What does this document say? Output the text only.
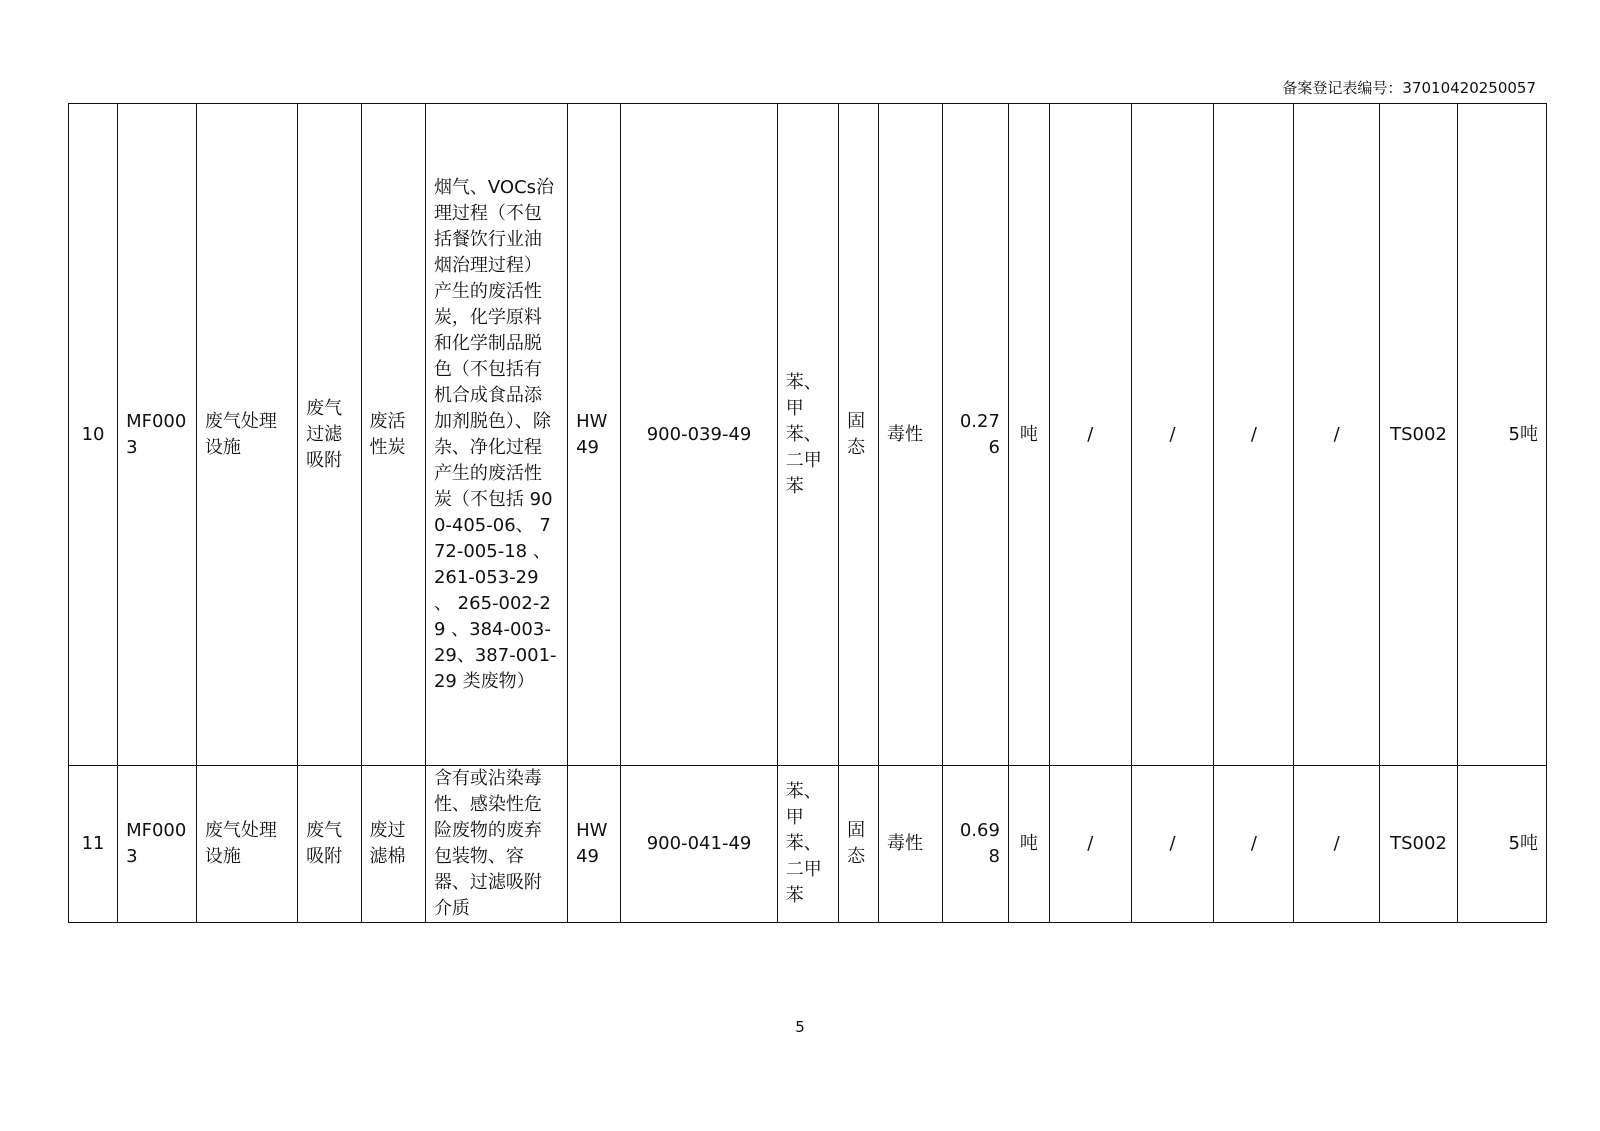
备案登记表编号：37010420250057
10	MF0003	废气处理设施	废气过滤吸附	废活性炭	烟气、VOCs治理过程（不包括餐饮行业油烟治理过程）产生的废活性炭，化学原料和化学制品脱色（不包括有机合成食品添加剂脱色）、除杂、净化过程产生的废活性炭（不包括 900-405-06、 772-005-18 、261-053-29 、 265-002-29 、384-003-29、387-001-29 类废物）	HW49	900-039-49	苯、甲苯、二甲苯	固态	毒性	0.276	吨	/	/	/	/	TS002	5吨
11	MF0003	废气处理设施	废气吸附	废过滤棉	含有或沾染毒性、感染性危险废物的废弃包装物、容器、过滤吸附介质	HW49	900-041-49	苯、甲苯、二甲苯	固态	毒性	0.698	吨	/	/	/	/	TS002	5吨
5
